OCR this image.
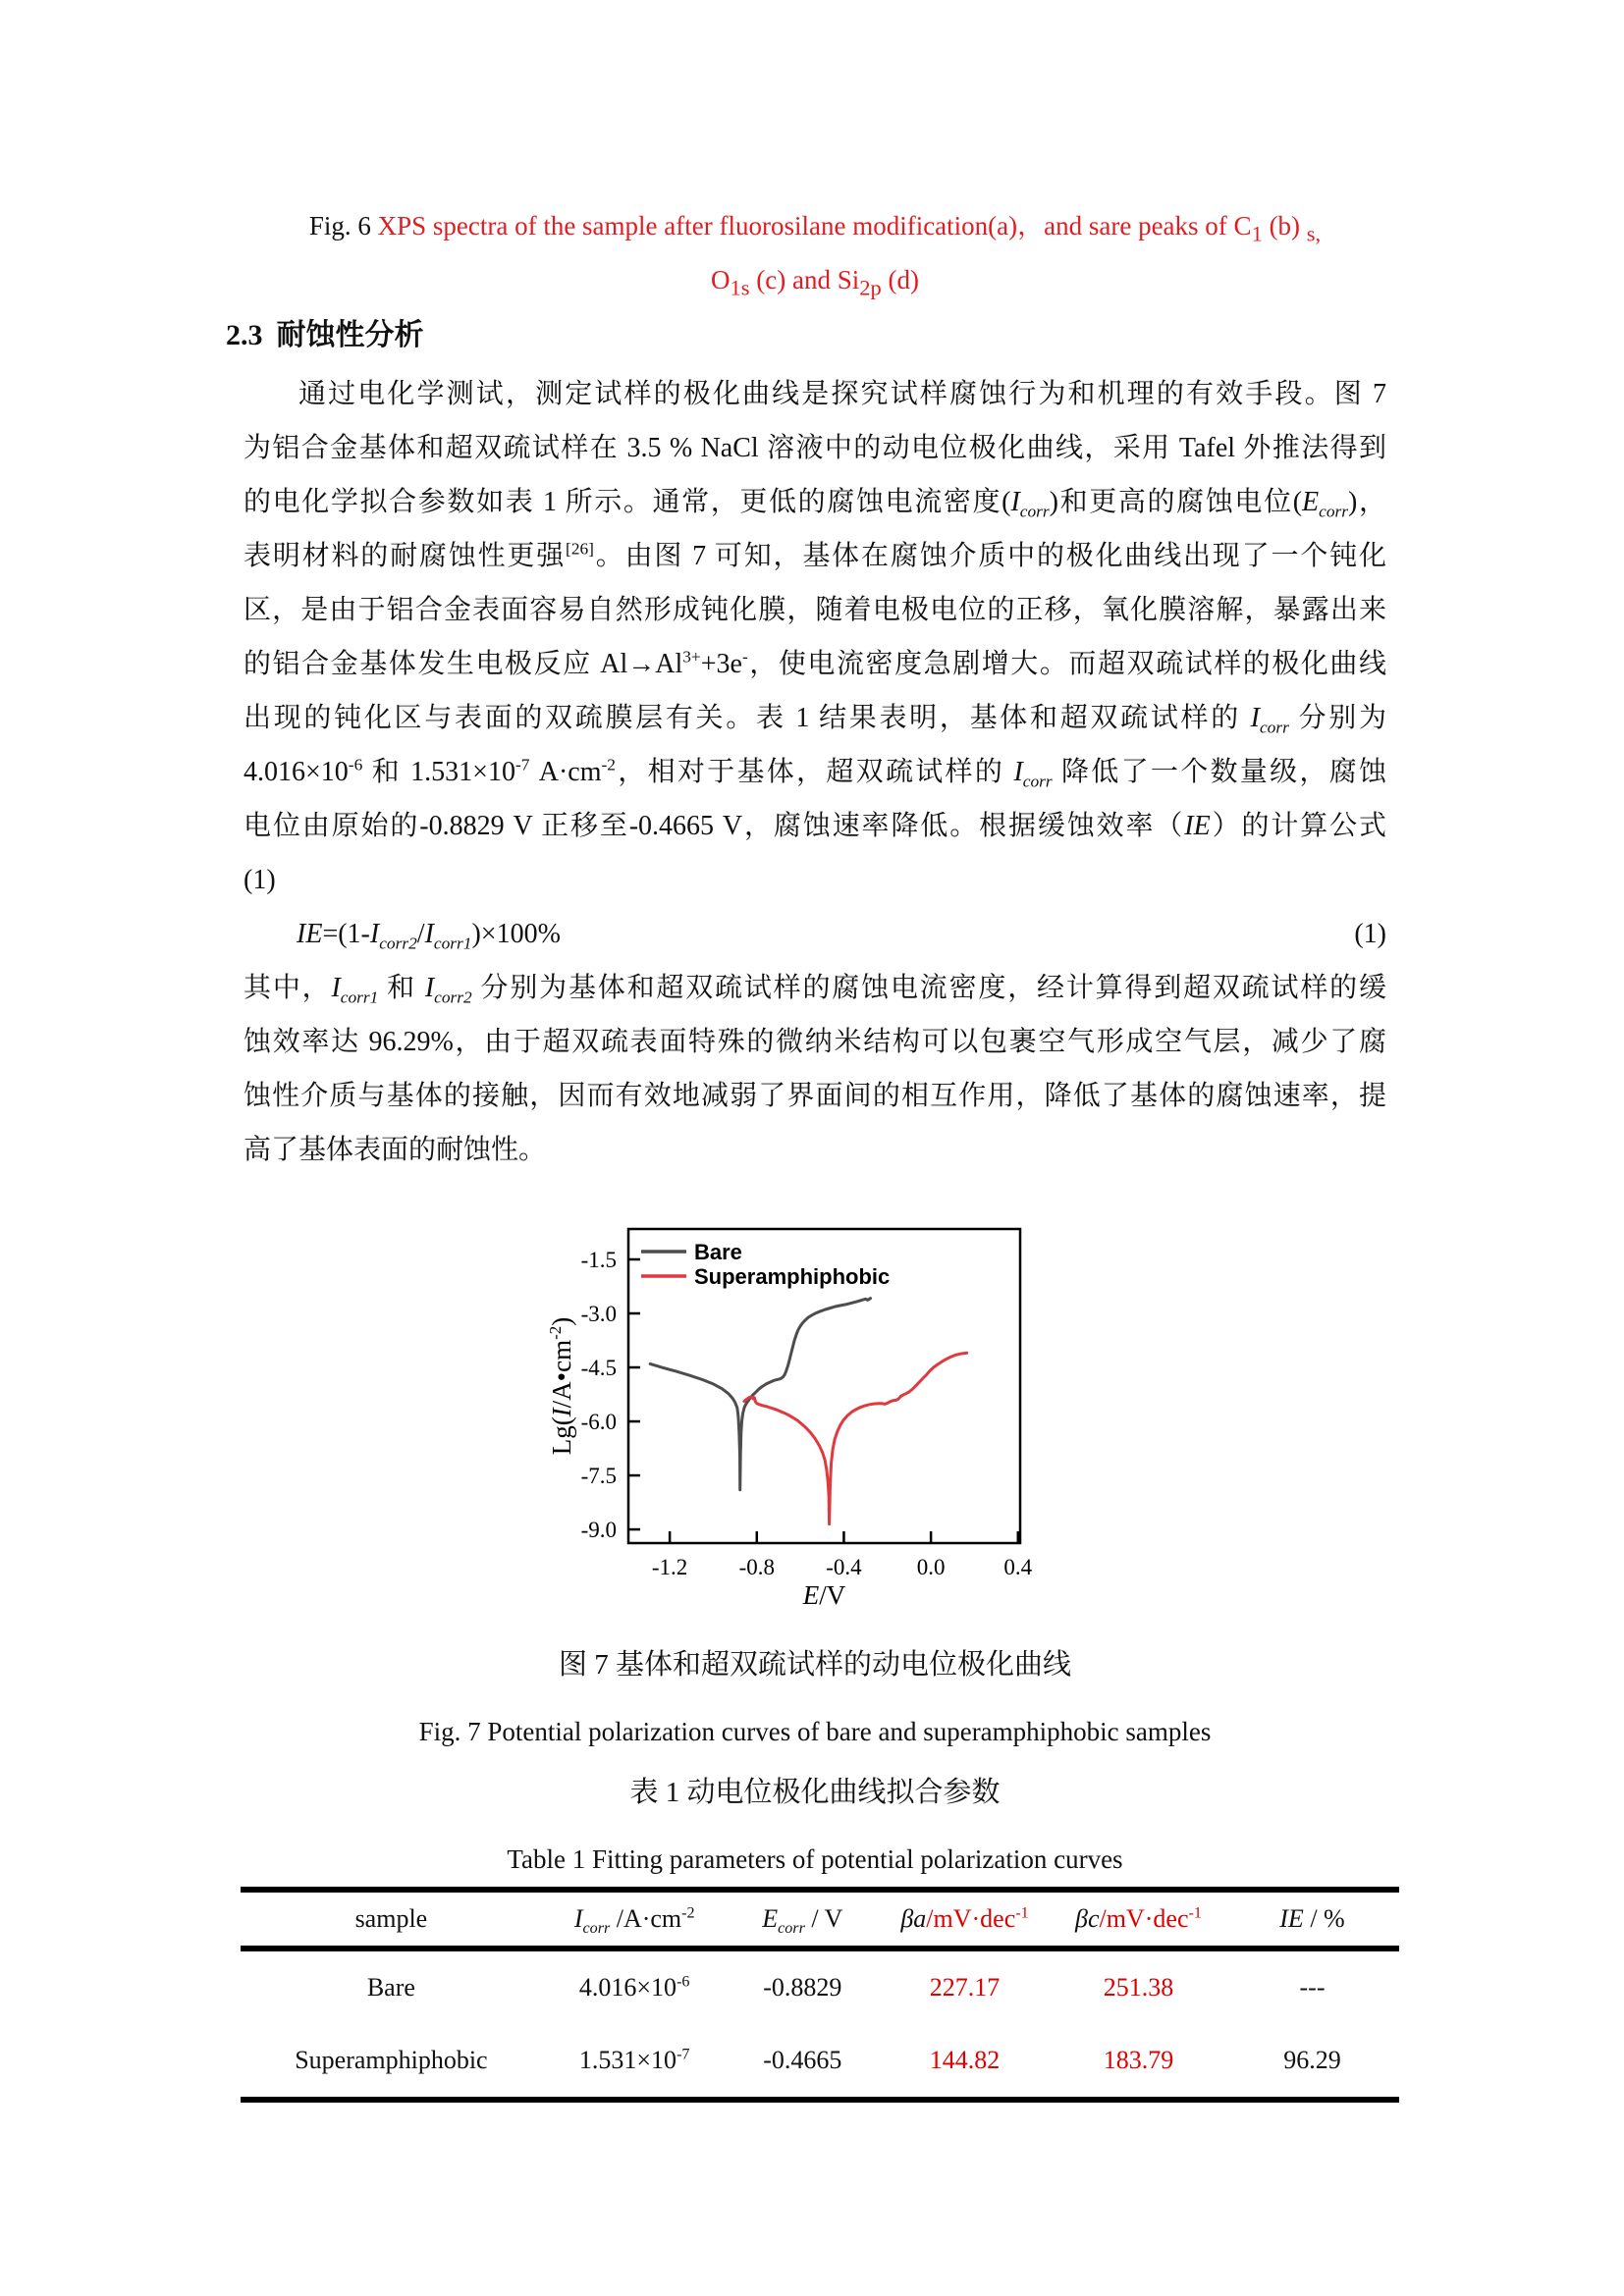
Fig. 6 XPS spectra of the sample after fluorosilane modification(a)，and sare peaks of $C_1$ (b) $_{s,}$
$O_{1s}$ (c) and $Si_{2p}$ (d)
2.3 耐蚀性分析
通过电化学测试，测定试样的极化曲线是探究试样腐蚀行为和机理的有效手段。图 7
为铝合金基体和超双疏试样在 3.5 % NaCl 溶液中的动电位极化曲线，采用 Tafel 外推法得到
的电化学拟合参数如表 1 所示。通常，更低的腐蚀电流密度$(I_{corr})$和更高的腐蚀电位$(E_{corr})$，
表明材料的耐腐蚀性更强[26]。由图 7 可知，基体在腐蚀介质中的极化曲线出现了一个钝化
区，是由于铝合金表面容易自然形成钝化膜，随着电极电位的正移，氧化膜溶解，暴露出来
的铝合金基体发生电极反应 $Al\to Al^{3+}+3e^-$，使电流密度急剧增大。而超双疏试样的极化曲线
出现的钝化区与表面的双疏膜层有关。表 1 结果表明，基体和超双疏试样的 $I_{corr}$ 分别为
$4.016\times 10^{-6}$ 和 $1.531\times 10^{-7}$ $A\cdot cm^{-2}$，相对于基体，超双疏试样的 $I_{corr}$ 降低了一个数量级，腐蚀
电位由原始的-0.8829 V 正移至-0.4665 V，腐蚀速率降低。根据缓蚀效率（IE）的计算公式
(1)
$IE=(1-I_{corr2}/I_{corr1})\times 100\%$	(1)
其中，$I_{corr1}$ 和 $I_{corr2}$ 分别为基体和超双疏试样的腐蚀电流密度，经计算得到超双疏试样的缓
蚀效率达 96.29%，由于超双疏表面特殊的微纳米结构可以包裹空气形成空气层，减少了腐
蚀性介质与基体的接触，因而有效地减弱了界面间的相互作用，降低了基体的腐蚀速率，提
高了基体表面的耐蚀性。
-1.2 -0.8 -0.4 0.0	0.4
-1.5
-3.0
-4.5
-6.0
-7.5
-9.0
Bare
Superamphiphobic
E/V
$Lg(I/A•cm^{-2})$
图 7 基体和超双疏试样的动电位极化曲线
Fig. 7 Potential polarization curves of bare and superamphiphobic samples
表 1 动电位极化曲线拟合参数
Table 1 Fitting parameters of potential polarization curves
sample	$I_{corr}$ $/A\cdot cm^{-2}$	$E_{corr}$ / V	βa/mV·dec$^{-1}$	βc/mV·dec$^{-1}$	IE / %
Bare	$4.016\times 10^{-6}$	-0.8829	227.17	251.38	---
Superamphiphobic	$1.531\times 10^{-7}$	-0.4665	144.82	183.79	96.29
